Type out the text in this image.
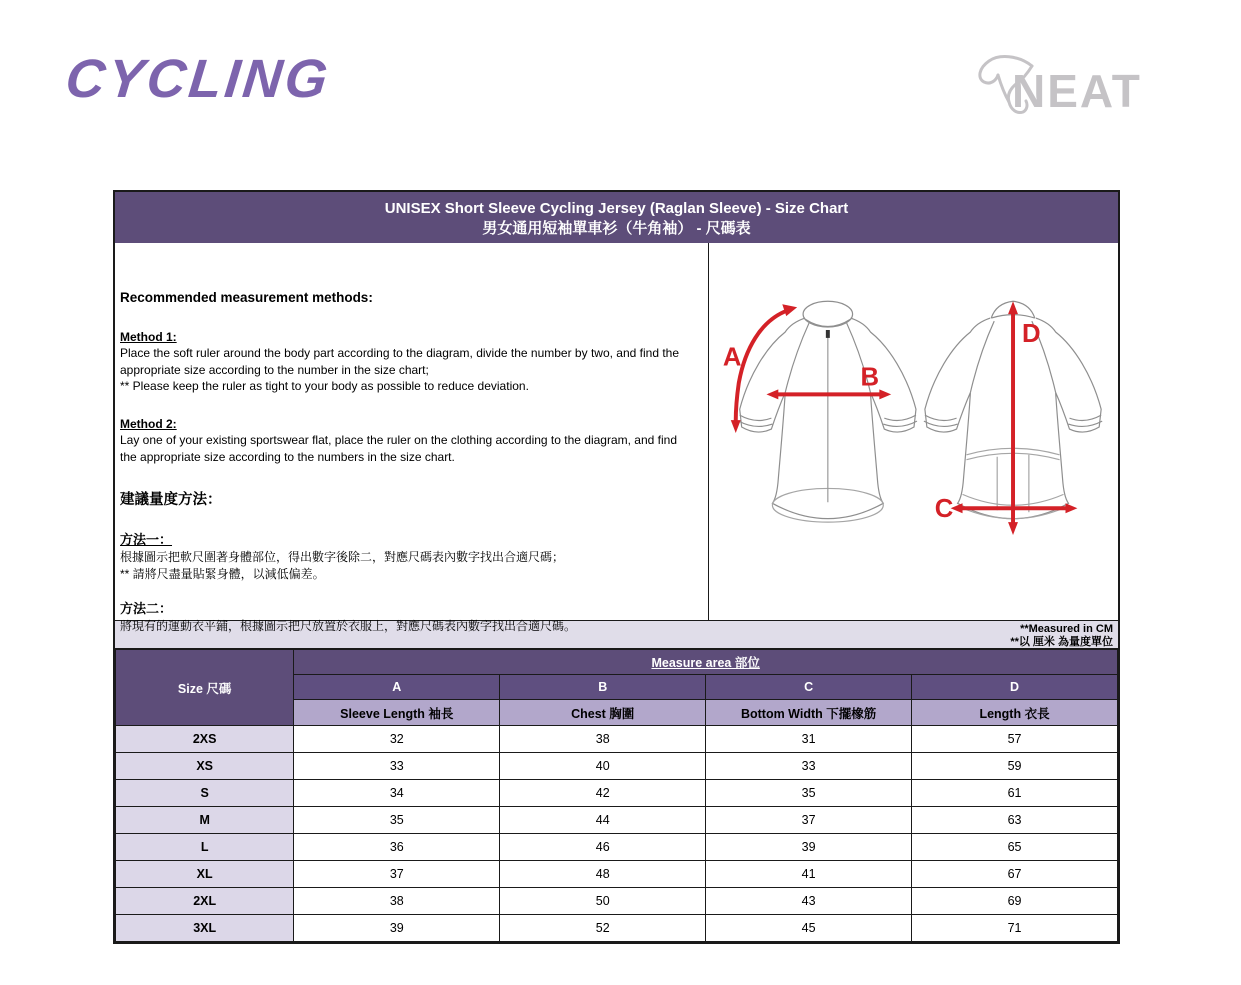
CYCLING	NEAT
UNISEX Short Sleeve Cycling Jersey (Raglan Sleeve) - Size Chart
男女通用短袖單車衫（牛角袖） - 尺碼表
Recommended measurement methods:
Method 1:
Place the soft ruler around the body part according to the diagram, divide the number by two, and find the appropriate size according to the number in the size chart;
** Please keep the ruler as tight to your body as possible to reduce deviation.
Method 2:
Lay one of your existing sportswear flat, place the ruler on the clothing according to the diagram, and find the appropriate size according to the numbers in the size chart.
建議量度方法：
方法一：
根據圖示把軟尺圍著身體部位，得出數字後除二，對應尺碼表內數字找出合適尺碼；
** 請將尺盡量貼緊身體，以減低偏差。
方法二：
將現有的運動衣平鋪，根據圖示把尺放置於衣服上，對應尺碼表內數字找出合適尺碼。
A
B
C
D
**Measured in CM
**以 厘米 為量度單位
Size 尺碼	Measure area 部位			
	A	B	C	D
	Sleeve Length 袖長	Chest 胸圍	Bottom Width 下擺橡筋	Length 衣長
2XS	32	38	31	57
XS	33	40	33	59
S	34	42	35	61
M	35	44	37	63
L	36	46	39	65
XL	37	48	41	67
2XL	38	50	43	69
3XL	39	52	45	71
